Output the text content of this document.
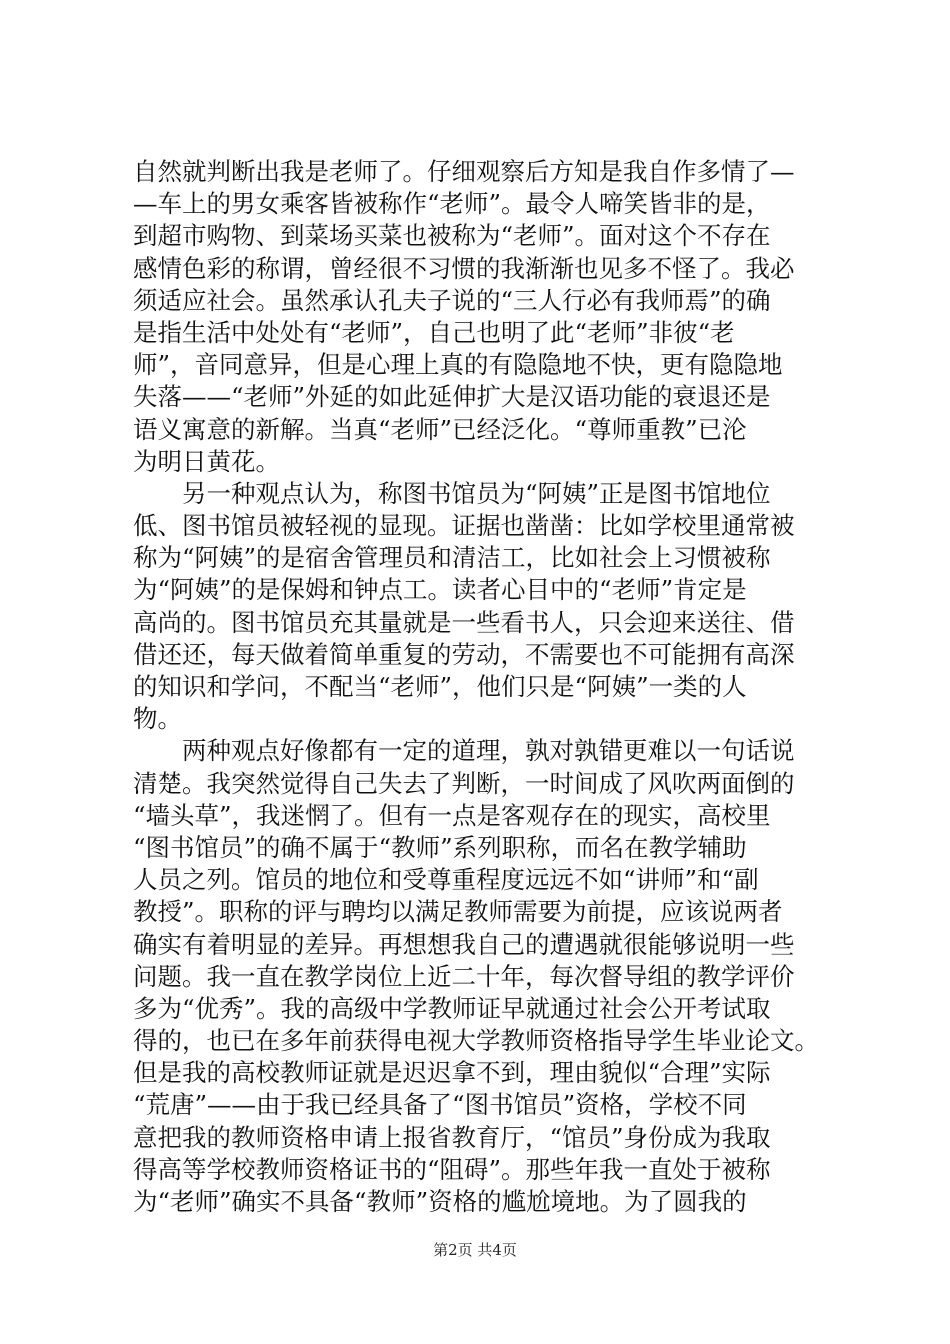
自然就判断出我是老师了。仔细观察后方知是我自作多情了—
—车上的男女乘客皆被称作“老师”。最令人啼笑皆非的是，
到超市购物、到菜场买菜也被称为“老师”。面对这个不存在
感情色彩的称谓，曾经很不习惯的我渐渐也见多不怪了。我必
须适应社会。虽然承认孔夫子说的“三人行必有我师焉”的确
是指生活中处处有“老师”，自己也明了此“老师”非彼“老
师”，音同意异，但是心理上真的有隐隐地不快，更有隐隐地
失落——“老师”外延的如此延伸扩大是汉语功能的衰退还是
语义寓意的新解。当真“老师”已经泛化。“尊师重教”已沦
为明日黄花。
另一种观点认为，称图书馆员为“阿姨”正是图书馆地位
低、图书馆员被轻视的显现。证据也凿凿：比如学校里通常被
称为“阿姨”的是宿舍管理员和清洁工，比如社会上习惯被称
为“阿姨”的是保姆和钟点工。读者心目中的“老师”肯定是
高尚的。图书馆员充其量就是一些看书人，只会迎来送往、借
借还还，每天做着简单重复的劳动，不需要也不可能拥有高深
的知识和学问，不配当“老师”，他们只是“阿姨”一类的人
物。
两种观点好像都有一定的道理，孰对孰错更难以一句话说
清楚。我突然觉得自己失去了判断，一时间成了风吹两面倒的
“墙头草”，我迷惘了。但有一点是客观存在的现实，高校里
“图书馆员”的确不属于“教师”系列职称，而名在教学辅助
人员之列。馆员的地位和受尊重程度远远不如“讲师”和“副
教授”。职称的评与聘均以满足教师需要为前提，应该说两者
确实有着明显的差异。再想想我自己的遭遇就很能够说明一些
问题。我一直在教学岗位上近二十年，每次督导组的教学评价
多为“优秀”。我的高级中学教师证早就通过社会公开考试取
得的，也已在多年前获得电视大学教师资格指导学生毕业论文。
但是我的高校教师证就是迟迟拿不到，理由貌似“合理”实际
“荒唐”——由于我已经具备了“图书馆员”资格，学校不同
意把我的教师资格申请上报省教育厅，“馆员”身份成为我取
得高等学校教师资格证书的“阻碍”。那些年我一直处于被称
为“老师”确实不具备“教师”资格的尴尬境地。为了圆我的
第2页 共4页
